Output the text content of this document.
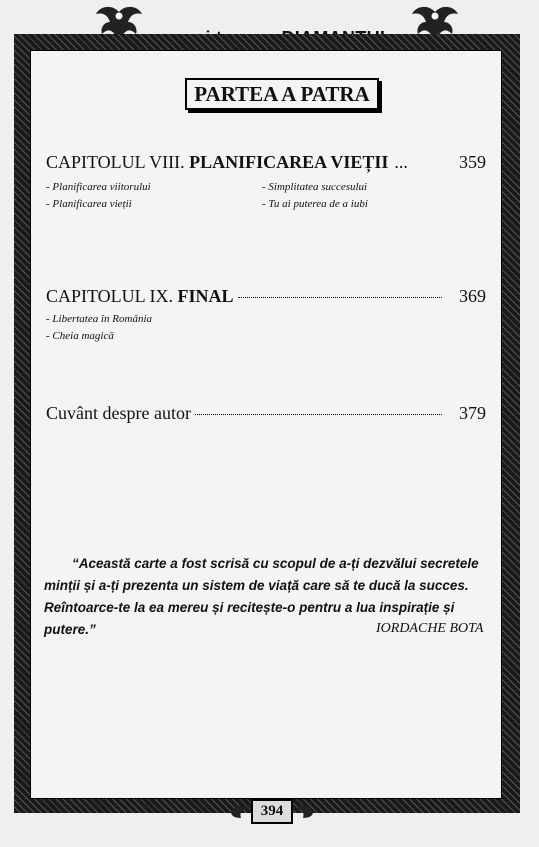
PARTEA A PATRA
CAPITOLUL VIII. PLANIFICAREA VIEȚII ...	359
- Planificarea viitorului
- Planificarea vieții
- Simplitatea succesului
- Tu ai puterea de a iubi
CAPITOLUL IX. FINAL	369
- Libertatea în România
- Cheia magică
Cuvânt despre autor	379
“Această carte a fost scrisă cu scopul de a-ți dezvălui secretele minții și a-ți prezenta un sistem de viață care să te ducă la succes. Reîntoarce-te la ea mereu și recitește-o pentru a lua inspirație și putere.”	IORDACHE BOTA
394
